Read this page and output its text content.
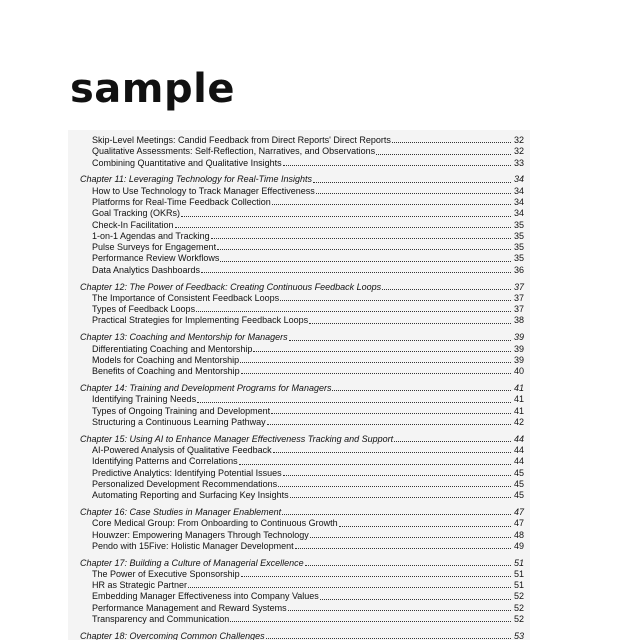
sample
Skip-Level Meetings: Candid Feedback from Direct Reports' Direct Reports	32
Qualitative Assessments: Self-Reflection, Narratives, and Observations	32
Combining Quantitative and Qualitative Insights	33
Chapter 11: Leveraging Technology for Real-Time Insights	34
How to Use Technology to Track Manager Effectiveness	34
Platforms for Real-Time Feedback Collection	34
Goal Tracking (OKRs)	34
Check-In Facilitation	35
1-on-1 Agendas and Tracking	35
Pulse Surveys for Engagement	35
Performance Review Workflows	35
Data Analytics Dashboards	36
Chapter 12: The Power of Feedback: Creating Continuous Feedback Loops	37
The Importance of Consistent Feedback Loops	37
Types of Feedback Loops	37
Practical Strategies for Implementing Feedback Loops	38
Chapter 13: Coaching and Mentorship for Managers	39
Differentiating Coaching and Mentorship	39
Models for Coaching and Mentorship	39
Benefits of Coaching and Mentorship	40
Chapter 14: Training and Development Programs for Managers	41
Identifying Training Needs	41
Types of Ongoing Training and Development	41
Structuring a Continuous Learning Pathway	42
Chapter 15: Using AI to Enhance Manager Effectiveness Tracking and Support	44
AI-Powered Analysis of Qualitative Feedback	44
Identifying Patterns and Correlations	44
Predictive Analytics: Identifying Potential Issues	45
Personalized Development Recommendations	45
Automating Reporting and Surfacing Key Insights	45
Chapter 16: Case Studies in Manager Enablement	47
Core Medical Group: From Onboarding to Continuous Growth	47
Houwzer: Empowering Managers Through Technology	48
Pendo with 15Five: Holistic Manager Development	49
Chapter 17: Building a Culture of Managerial Excellence	51
The Power of Executive Sponsorship	51
HR as Strategic Partner	51
Embedding Manager Effectiveness into Company Values	52
Performance Management and Reward Systems	52
Transparency and Communication	52
Chapter 18: Overcoming Common Challenges	53
